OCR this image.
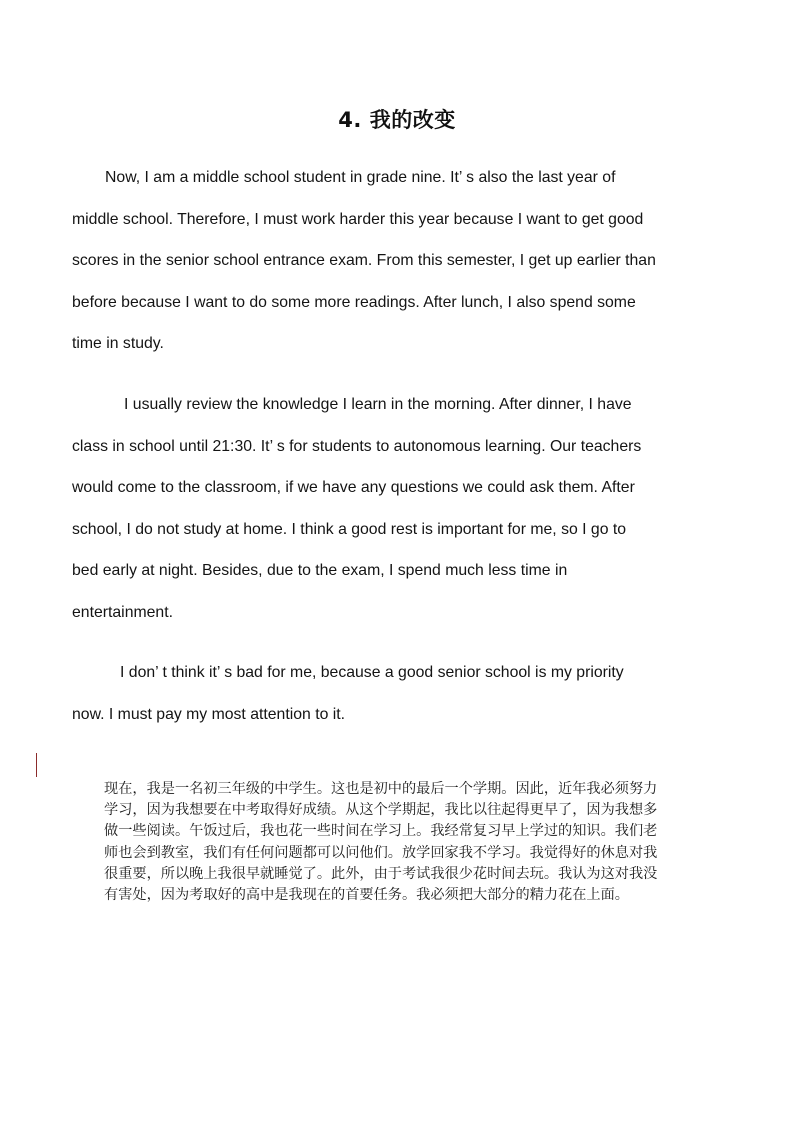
4. 我的改变

Now, I am a middle school student in grade nine. It’ s also the last year of
middle school. Therefore, I must work harder this year because I want to get good
scores in the senior school entrance exam. From this semester, I get up earlier than
before because I want to do some more readings. After lunch, I also spend some
time in study.

I usually review the knowledge I learn in the morning. After dinner, I have
class in school until 21:30. It’ s for students to autonomous learning. Our teachers
would come to the classroom, if we have any questions we could ask them. After
school, I do not study at home. I think a good rest is important for me, so I go to
bed early at night. Besides, due to the exam, I spend much less time in
entertainment.

I don’ t think it’ s bad for me, because a good senior school is my priority
now. I must pay my most attention to it.

现在，我是一名初三年级的中学生。这也是初中的最后一个学期。因此，近年我必须努力
学习，因为我想要在中考取得好成绩。从这个学期起，我比以往起得更早了，因为我想多
做一些阅读。午饭过后，我也花一些时间在学习上。我经常复习早上学过的知识。我们老
师也会到教室，我们有任何问题都可以问他们。放学回家我不学习。我觉得好的休息对我
很重要，所以晚上我很早就睡觉了。此外，由于考试我很少花时间去玩。我认为这对我没
有害处，因为考取好的高中是我现在的首要任务。我必须把大部分的精力花在上面。
